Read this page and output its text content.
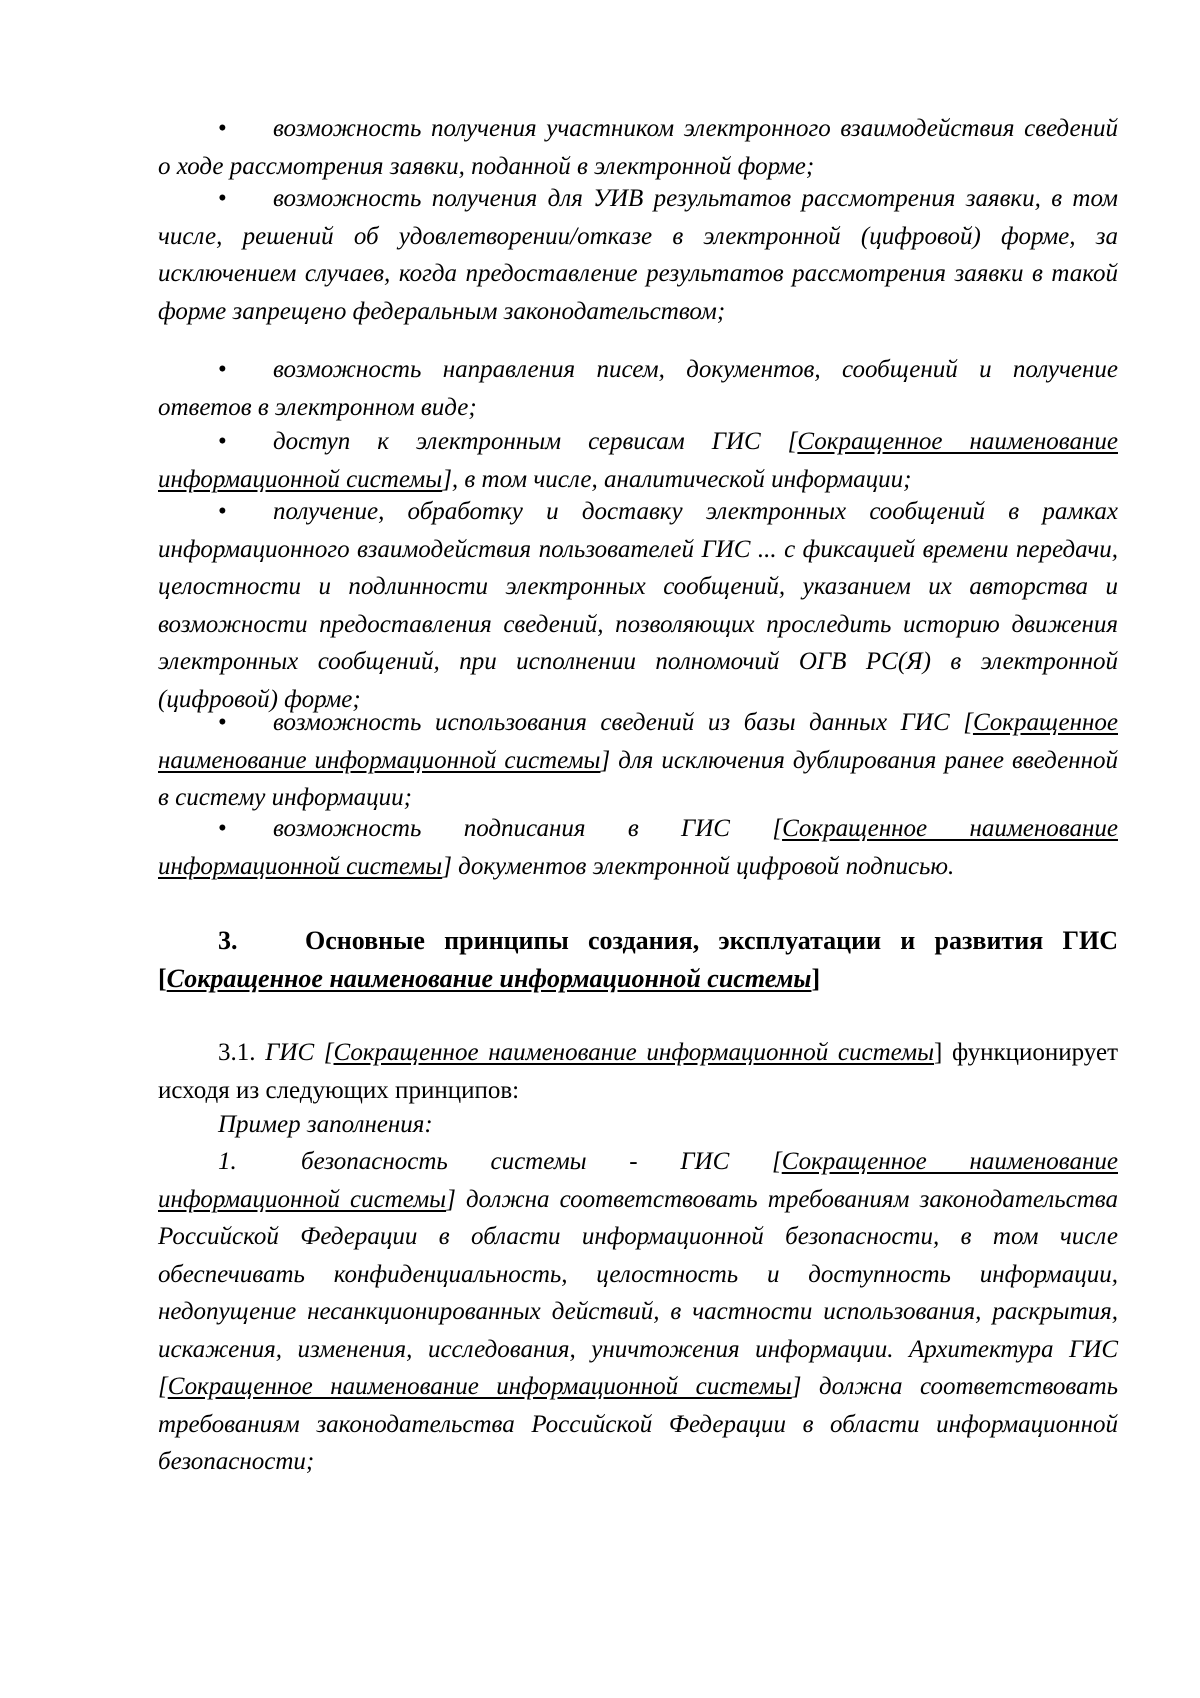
• возможность получения участником электронного взаимодействия сведений о ходе рассмотрения заявки, поданной в электронной форме;

• возможность получения для УИВ результатов рассмотрения заявки, в том числе, решений об удовлетворении/отказе в электронной (цифровой) форме, за исключением случаев, когда предоставление результатов рассмотрения заявки в такой форме запрещено федеральным законодательством;

• возможность направления писем, документов, сообщений и получение ответов в электронном виде;

• доступ к электронным сервисам ГИС [Сокращенное наименование информационной системы], в том числе, аналитической информации;

• получение, обработку и доставку электронных сообщений в рамках информационного взаимодействия пользователей ГИС ... с фиксацией времени передачи, целостности и подлинности электронных сообщений, указанием их авторства и возможности предоставления сведений, позволяющих проследить историю движения электронных сообщений, при исполнении полномочий ОГВ РС(Я) в электронной (цифровой) форме;

• возможность использования сведений из базы данных ГИС [Сокращенное наименование информационной системы] для исключения дублирования ранее введенной в систему информации;

• возможность подписания в ГИС [Сокращенное наименование информационной системы] документов электронной цифровой подписью.

3.	Основные принципы создания, эксплуатации и развития ГИС [Сокращенное наименование информационной системы]

3.1. ГИС [Сокращенное наименование информационной системы] функционирует исходя из следующих принципов:

Пример заполнения:

1.	безопасность системы - ГИС [Сокращенное наименование информационной системы] должна соответствовать требованиям законодательства Российской Федерации в области информационной безопасности, в том числе обеспечивать конфиденциальность, целостность и доступность информации, недопущение несанкционированных действий, в частности использования, раскрытия, искажения, изменения, исследования, уничтожения информации. Архитектура ГИС [Сокращенное наименование информационной системы] должна соответствовать требованиям законодательства Российской Федерации в области информационной безопасности;
